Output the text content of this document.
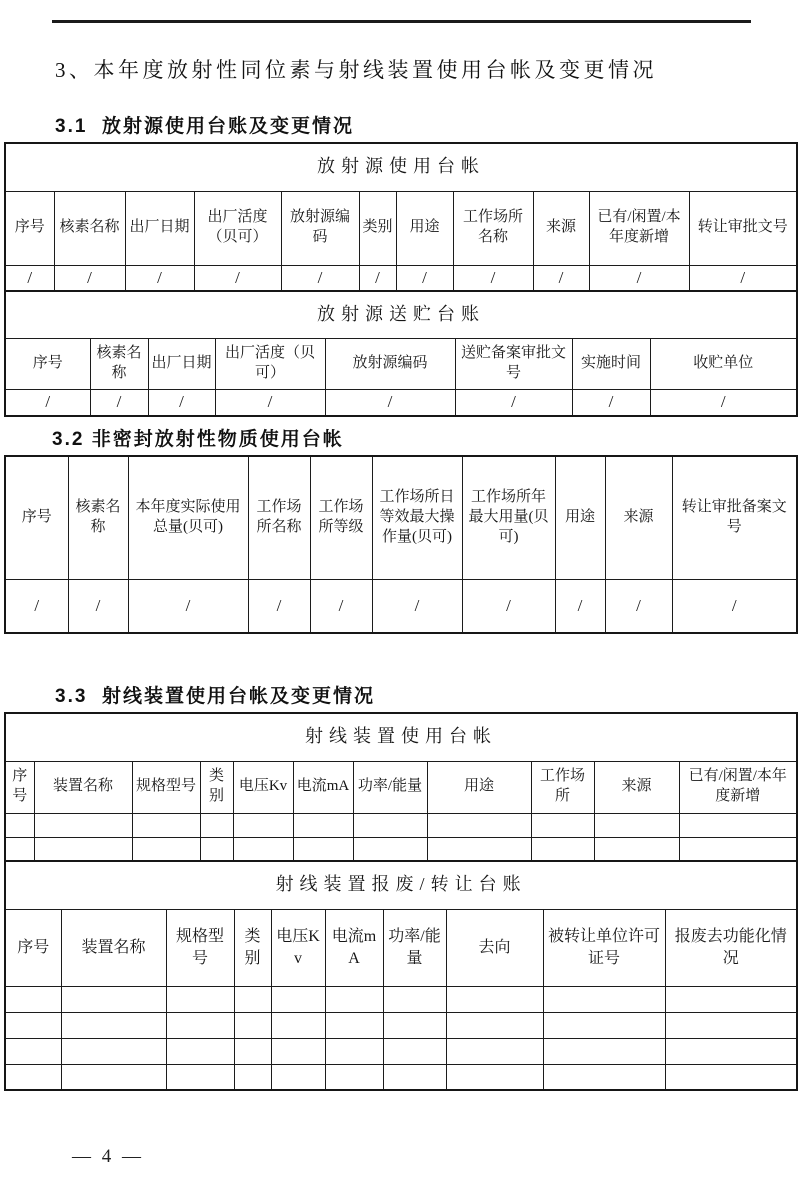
3、本年度放射性同位素与射线装置使用台帐及变更情况
3.1  放射源使用台账及变更情况
放射源使用台帐										
序号	核素名称	出厂日期	出厂活度（贝可）	放射源编码	类别	用途	工作场所名称	来源	已有/闲置/本年度新增	转让审批文号
/	/	/	/	/	/	/	/	/	/	/
放射源送贮台账							
序号	核素名称	出厂日期	出厂活度（贝可）	放射源编码	送贮备案审批文号	实施时间	收贮单位
/	/	/	/	/	/	/	/
3.2 非密封放射性物质使用台帐
序号	核素名称	本年度实际使用总量(贝可)	工作场所名称	工作场所等级	工作场所日等效最大操作量(贝可)	工作场所年最大用量(贝可)	用途	来源	转让审批备案文号
/	/	/	/	/	/	/	/	/	/
3.3  射线装置使用台帐及变更情况
射线装置使用台帐										
序号	装置名称	规格型号	类别	电压Kv	电流mA	功率/能量	用途	工作场所	来源	已有/闲置/本年度新增

射线装置报废/转让台账									
序号	装置名称	规格型号	类别	电压Kv	电流mA	功率/能量	去向	被转让单位许可证号	报废去功能化情况

— 4 —
